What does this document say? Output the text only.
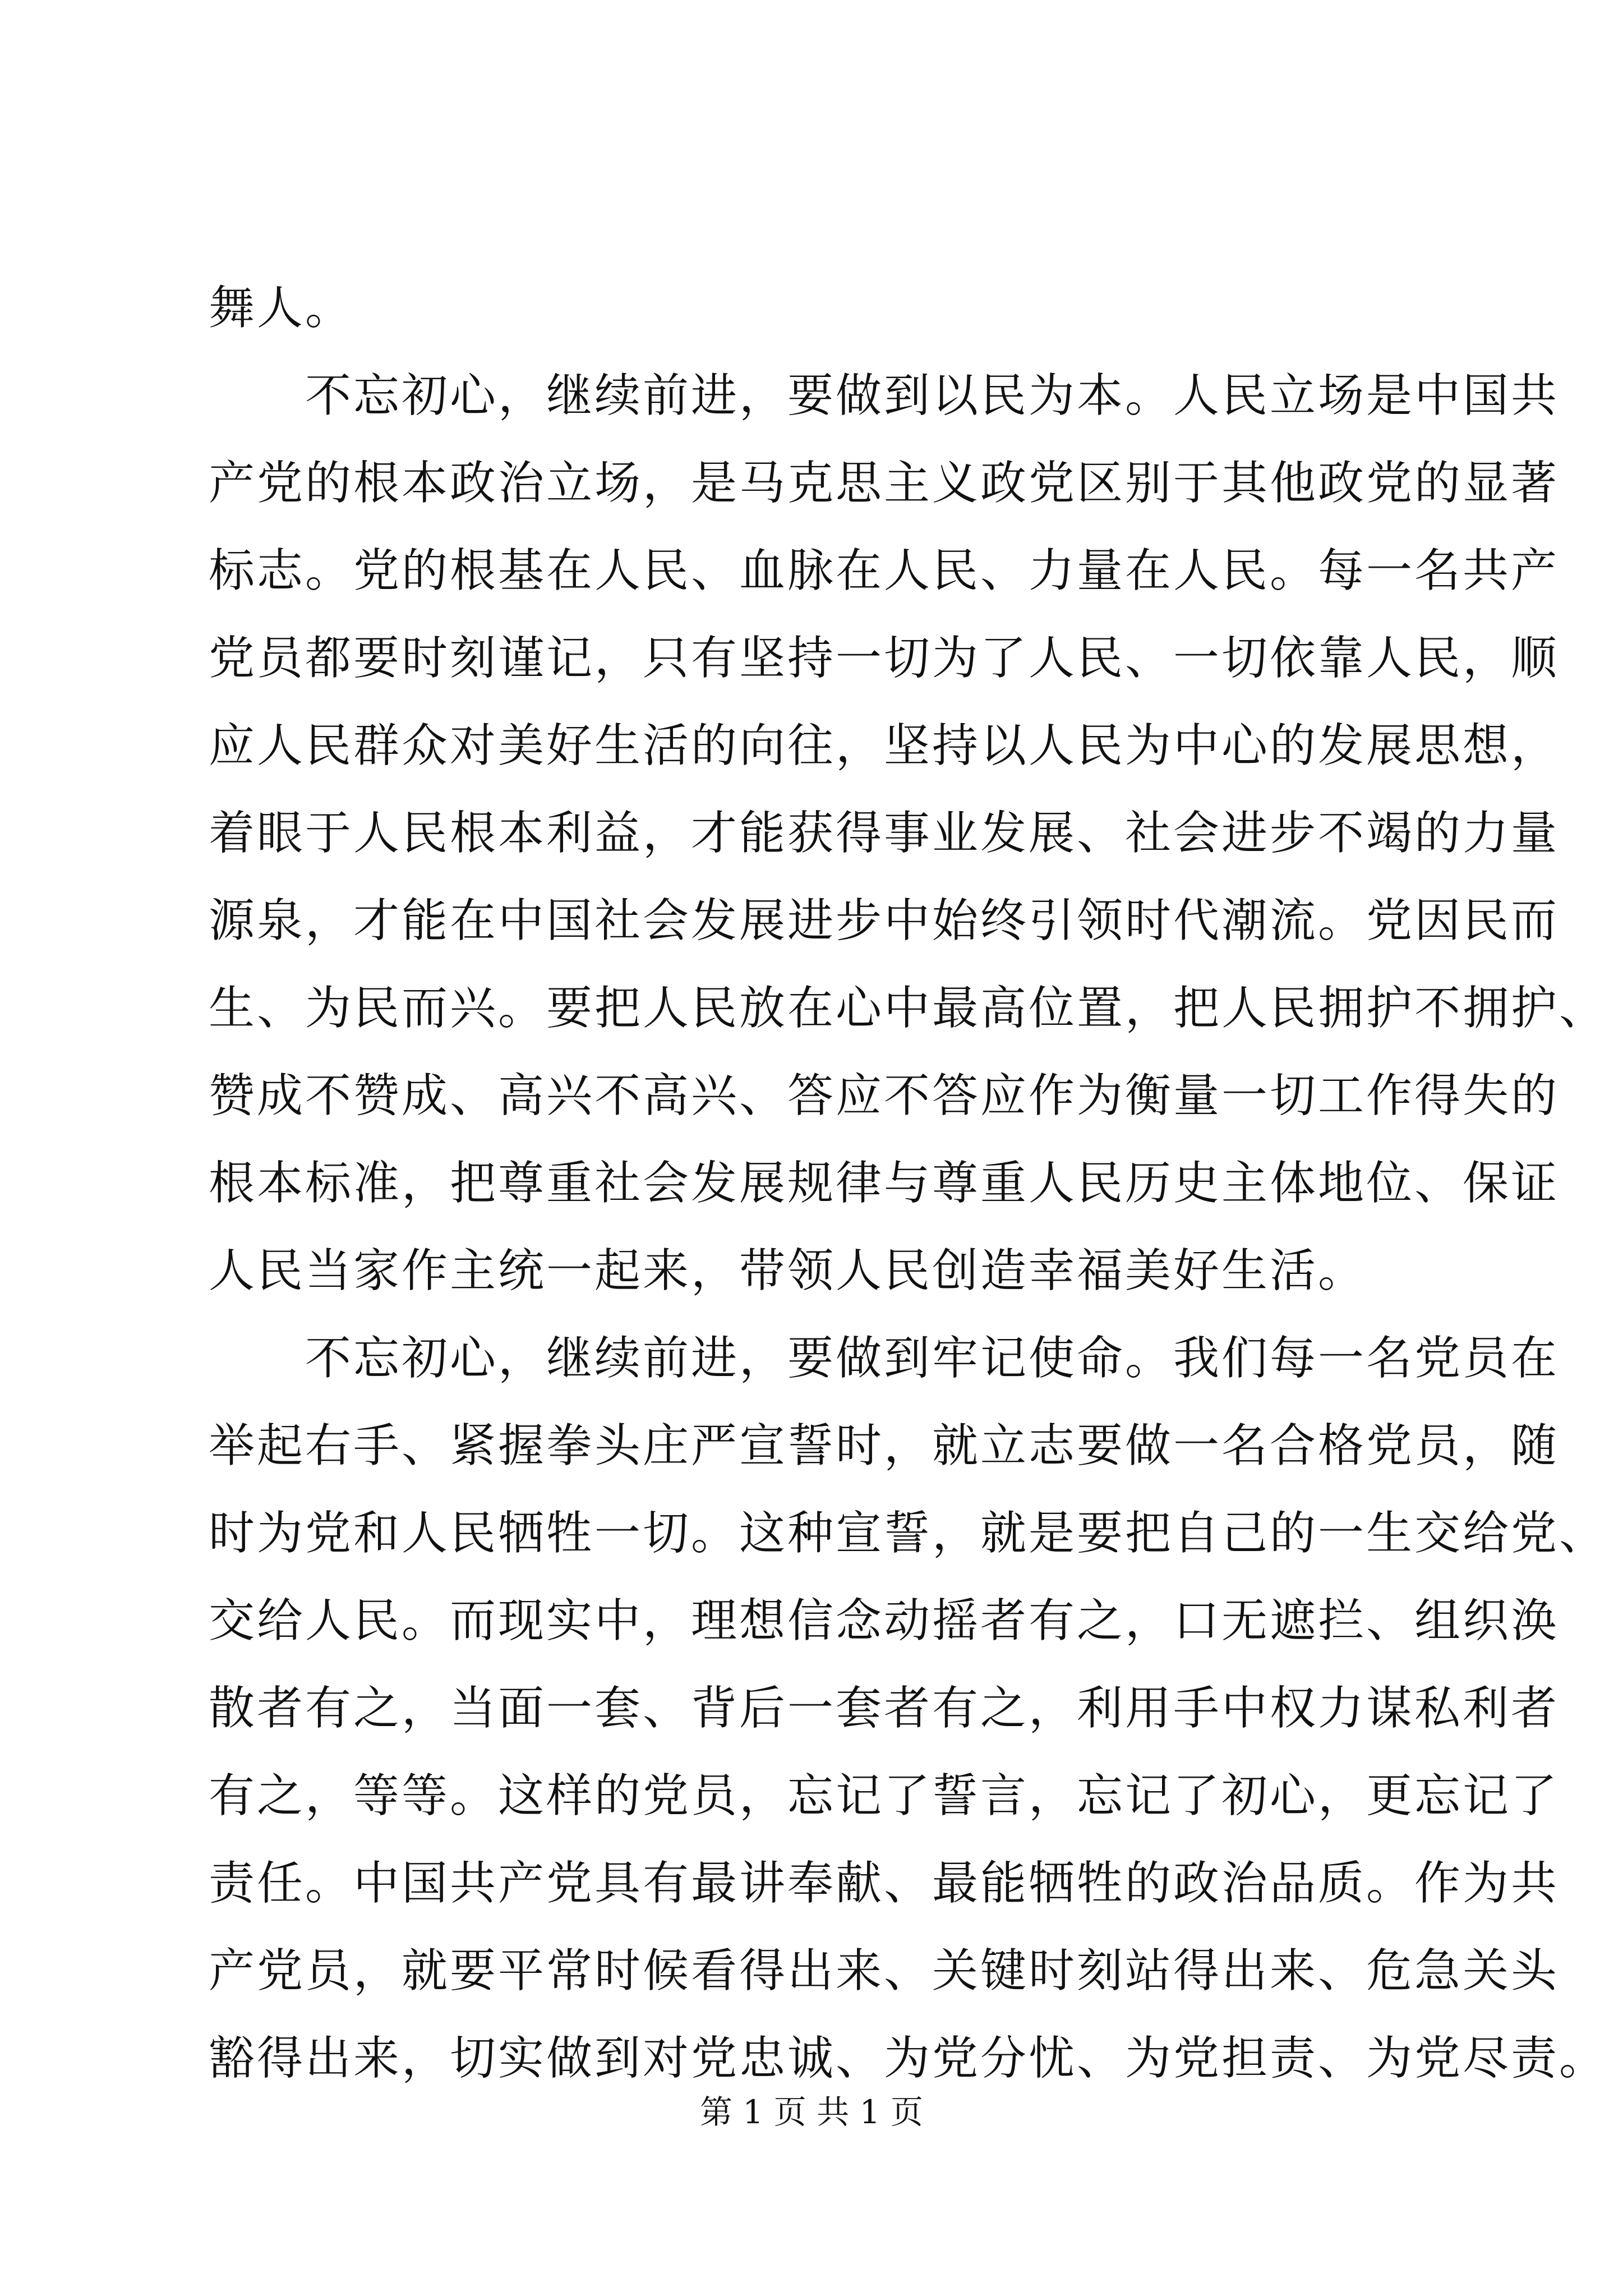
舞人。
　　不忘初心，继续前进，要做到以民为本。人民立场是中国共
产党的根本政治立场，是马克思主义政党区别于其他政党的显著
标志。党的根基在人民、血脉在人民、力量在人民。每一名共产
党员都要时刻谨记，只有坚持一切为了人民、一切依靠人民，顺
应人民群众对美好生活的向往，坚持以人民为中心的发展思想，
着眼于人民根本利益，才能获得事业发展、社会进步不竭的力量
源泉，才能在中国社会发展进步中始终引领时代潮流。党因民而
生、为民而兴。要把人民放在心中最高位置，把人民拥护不拥护、
赞成不赞成、高兴不高兴、答应不答应作为衡量一切工作得失的
根本标准，把尊重社会发展规律与尊重人民历史主体地位、保证
人民当家作主统一起来，带领人民创造幸福美好生活。
　　不忘初心，继续前进，要做到牢记使命。我们每一名党员在
举起右手、紧握拳头庄严宣誓时，就立志要做一名合格党员，随
时为党和人民牺牲一切。这种宣誓，就是要把自己的一生交给党、
交给人民。而现实中，理想信念动摇者有之，口无遮拦、组织涣
散者有之，当面一套、背后一套者有之，利用手中权力谋私利者
有之，等等。这样的党员，忘记了誓言，忘记了初心，更忘记了
责任。中国共产党具有最讲奉献、最能牺牲的政治品质。作为共
产党员，就要平常时候看得出来、关键时刻站得出来、危急关头
豁得出来，切实做到对党忠诚、为党分忧、为党担责、为党尽责。
第 1 页 共 1 页
